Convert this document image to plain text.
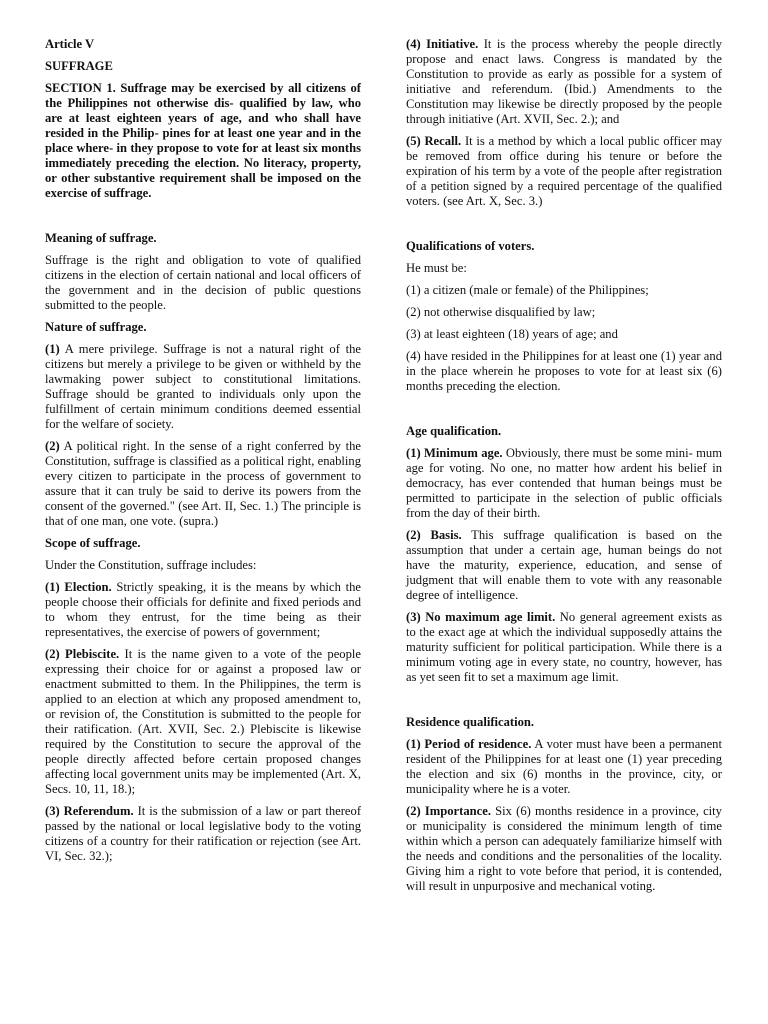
Article V

SUFFRAGE

SECTION 1. Suffrage may be exercised by all citizens of the Philippines not otherwise dis- qualified by law, who are at least eighteen years of age, and who shall have resided in the Philip- pines for at least one year and in the place where- in they propose to vote for at least six months immediately preceding the election. No literacy, property, or other substantive requirement shall be imposed on the exercise of suffrage.

Meaning of suffrage.

Suffrage is the right and obligation to vote of qualified citizens in the election of certain national and local officers of the government and in the decision of public questions submitted to the people.

Nature of suffrage.

(1) A mere privilege. Suffrage is not a natural right of the citizens but merely a privilege to be given or withheld by the lawmaking power subject to constitutional limitations. Suffrage should be granted to individuals only upon the fulfillment of certain minimum conditions deemed essential for the welfare of society.

(2) A political right. In the sense of a right conferred by the Constitution, suffrage is classified as a political right, enabling every citizen to participate in the process of government to assure that it can truly be said to derive its powers from the consent of the governed." (see Art. II, Sec. 1.) The principle is that of one man, one vote. (supra.)

Scope of suffrage.

Under the Constitution, suffrage includes:

(1) Election. Strictly speaking, it is the means by which the people choose their officials for definite and fixed periods and to whom they entrust, for the time being as their representatives, the exercise of powers of government;

(2) Plebiscite. It is the name given to a vote of the people expressing their choice for or against a proposed law or enactment submitted to them. In the Philippines, the term is applied to an election at which any proposed amendment to, or revision of, the Constitution is submitted to the people for their ratification. (Art. XVII, Sec. 2.) Plebiscite is likewise required by the Constitution to secure the approval of the people directly affected before certain proposed changes affecting local government units may be implemented (Art. X, Secs. 10, 11, 18.);

(3) Referendum. It is the submission of a law or part thereof passed by the national or local legislative body to the voting citizens of a country for their ratification or rejection (see Art. VI, Sec. 32.);

(4) Initiative. It is the process whereby the people directly propose and enact laws. Congress is mandated by the Constitution to provide as early as possible for a system of initiative and referendum. (Ibid.) Amendments to the Constitution may likewise be directly proposed by the people through initiative (Art. XVII, Sec. 2.); and

(5) Recall. It is a method by which a local public officer may be removed from office during his tenure or before the expiration of his term by a vote of the people after registration of a petition signed by a required percentage of the qualified voters. (see Art. X, Sec. 3.)

Qualifications of voters.

He must be:

(1) a citizen (male or female) of the Philippines;

(2) not otherwise disqualified by law;

(3) at least eighteen (18) years of age; and

(4) have resided in the Philippines for at least one (1) year and in the place wherein he proposes to vote for at least six (6) months preceding the election.

Age qualification.

(1) Minimum age. Obviously, there must be some mini- mum age for voting. No one, no matter how ardent his belief in democracy, has ever contended that human beings must be permitted to participate in the selection of public officials from the day of their birth.

(2) Basis. This suffrage qualification is based on the assumption that under a certain age, human beings do not have the maturity, experience, education, and sense of judgment that will enable them to vote with any reasonable degree of intelligence.

(3) No maximum age limit. No general agreement exists as to the exact age at which the individual supposedly attains the maturity sufficient for political participation. While there is a minimum voting age in every state, no country, however, has as yet seen fit to set a maximum age limit.

Residence qualification.

(1) Period of residence. A voter must have been a permanent resident of the Philippines for at least one (1) year preceding the election and six (6) months in the province, city, or municipality where he is a voter.

(2) Importance. Six (6) months residence in a province, city or municipality is considered the minimum length of time within which a person can adequately familiarize himself with the needs and conditions and the personalities of the locality. Giving him a right to vote before that period, it is contended, will result in unpurposive and mechanical voting.
